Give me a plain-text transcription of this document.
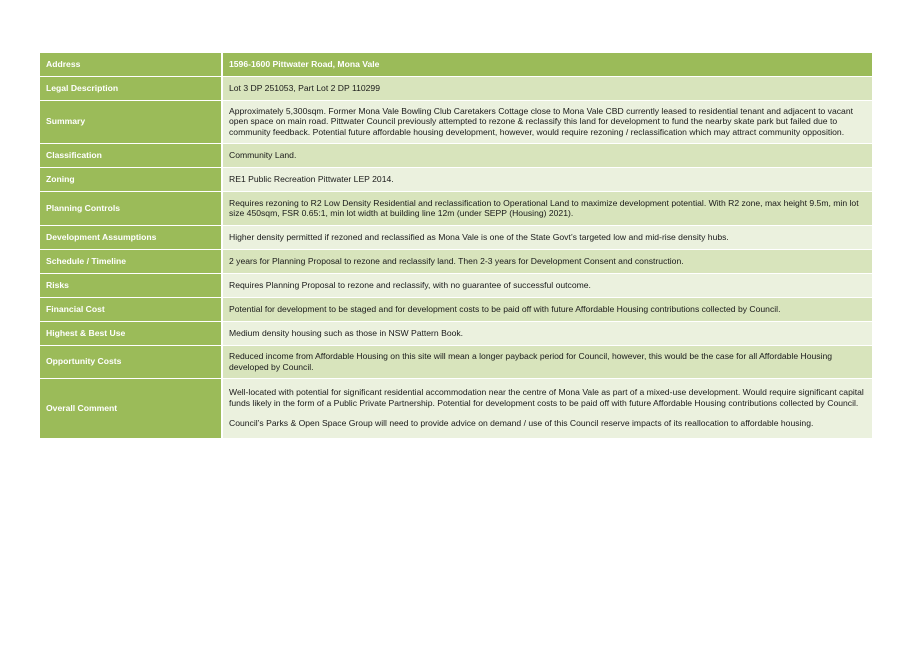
Address	1596-1600 Pittwater Road, Mona Vale

Legal Description	Lot 3 DP 251053, Part Lot 2 DP 110299

Summary	Approximately 5,300sqm. Former Mona Vale Bowling Club Caretakers Cottage close to Mona Vale CBD currently leased to residential tenant and adjacent to vacant open space on main road. Pittwater Council previously attempted to rezone & reclassify this land for development to fund the nearby skate park but failed due to community feedback. Potential future affordable housing development, however, would require rezoning / reclassification which may attract community opposition.

Classification	Community Land.

Zoning	RE1 Public Recreation Pittwater LEP 2014.

Planning Controls	Requires rezoning to R2 Low Density Residential and reclassification to Operational Land to maximize development potential. With R2 zone, max height 9.5m, min lot size 450sqm, FSR 0.65:1, min lot width at building line 12m (under SEPP (Housing) 2021).

Development Assumptions	Higher density permitted if rezoned and reclassified as Mona Vale is one of the State Govt’s targeted low and mid-rise density hubs.

Schedule / Timeline	2 years for Planning Proposal to rezone and reclassify land. Then 2-3 years for Development Consent and construction.

Risks	Requires Planning Proposal to rezone and reclassify, with no guarantee of successful outcome.

Financial Cost	Potential for development to be staged and for development costs to be paid off with future Affordable Housing contributions collected by Council.

Highest & Best Use	Medium density housing such as those in NSW Pattern Book.

Opportunity Costs	Reduced income from Affordable Housing on this site will mean a longer payback period for Council, however, this would be the case for all Affordable Housing developed by Council.

Overall Comment	Well-located with potential for significant residential accommodation near the centre of Mona Vale as part of a mixed-use development. Would require significant capital funds likely in the form of a Public Private Partnership. Potential for development costs to be paid off with future Affordable Housing contributions collected by Council.

Council’s Parks & Open Space Group will need to provide advice on demand / use of this Council reserve impacts of its reallocation to affordable housing.
